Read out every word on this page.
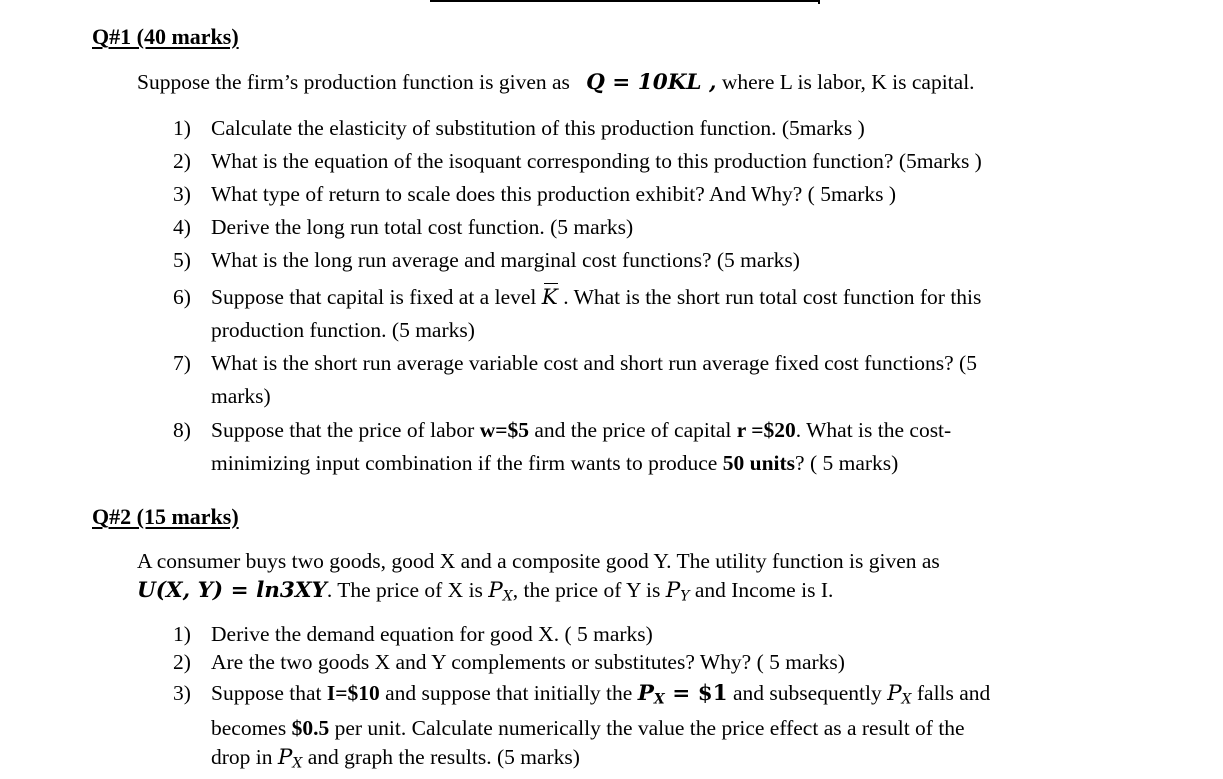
Q#1 (40 marks)
Suppose the firm’s production function is given as Q = 10KL , where L is labor, K is capital.
1) Calculate the elasticity of substitution of this production function. (5marks )
2) What is the equation of the isoquant corresponding to this production function? (5marks )
3) What type of return to scale does this production exhibit? And Why? ( 5marks )
4) Derive the long run total cost function. (5 marks)
5) What is the long run average and marginal cost functions? (5 marks)
6) Suppose that capital is fixed at a level K . What is the short run total cost function for this
production function. (5 marks)
7) What is the short run average variable cost and short run average fixed cost functions? (5
marks)
8) Suppose that the price of labor w=$5 and the price of capital r =$20. What is the cost-
minimizing input combination if the firm wants to produce 50 units? ( 5 marks)
Q#2 (15 marks)
A consumer buys two goods, good X and a composite good Y. The utility function is given as
U(X, Y) = ln3XY. The price of X is $P_X$, the price of Y is $P_Y$ and Income is I.
1) Derive the demand equation for good X. ( 5 marks)
2) Are the two goods X and Y complements or substitutes? Why? ( 5 marks)
3) Suppose that I=$10 and suppose that initially the $P_X$ = $1 and subsequently $P_X$ falls and
becomes $0.5 per unit. Calculate numerically the value the price effect as a result of the
drop in $P_X$ and graph the results. (5 marks)
